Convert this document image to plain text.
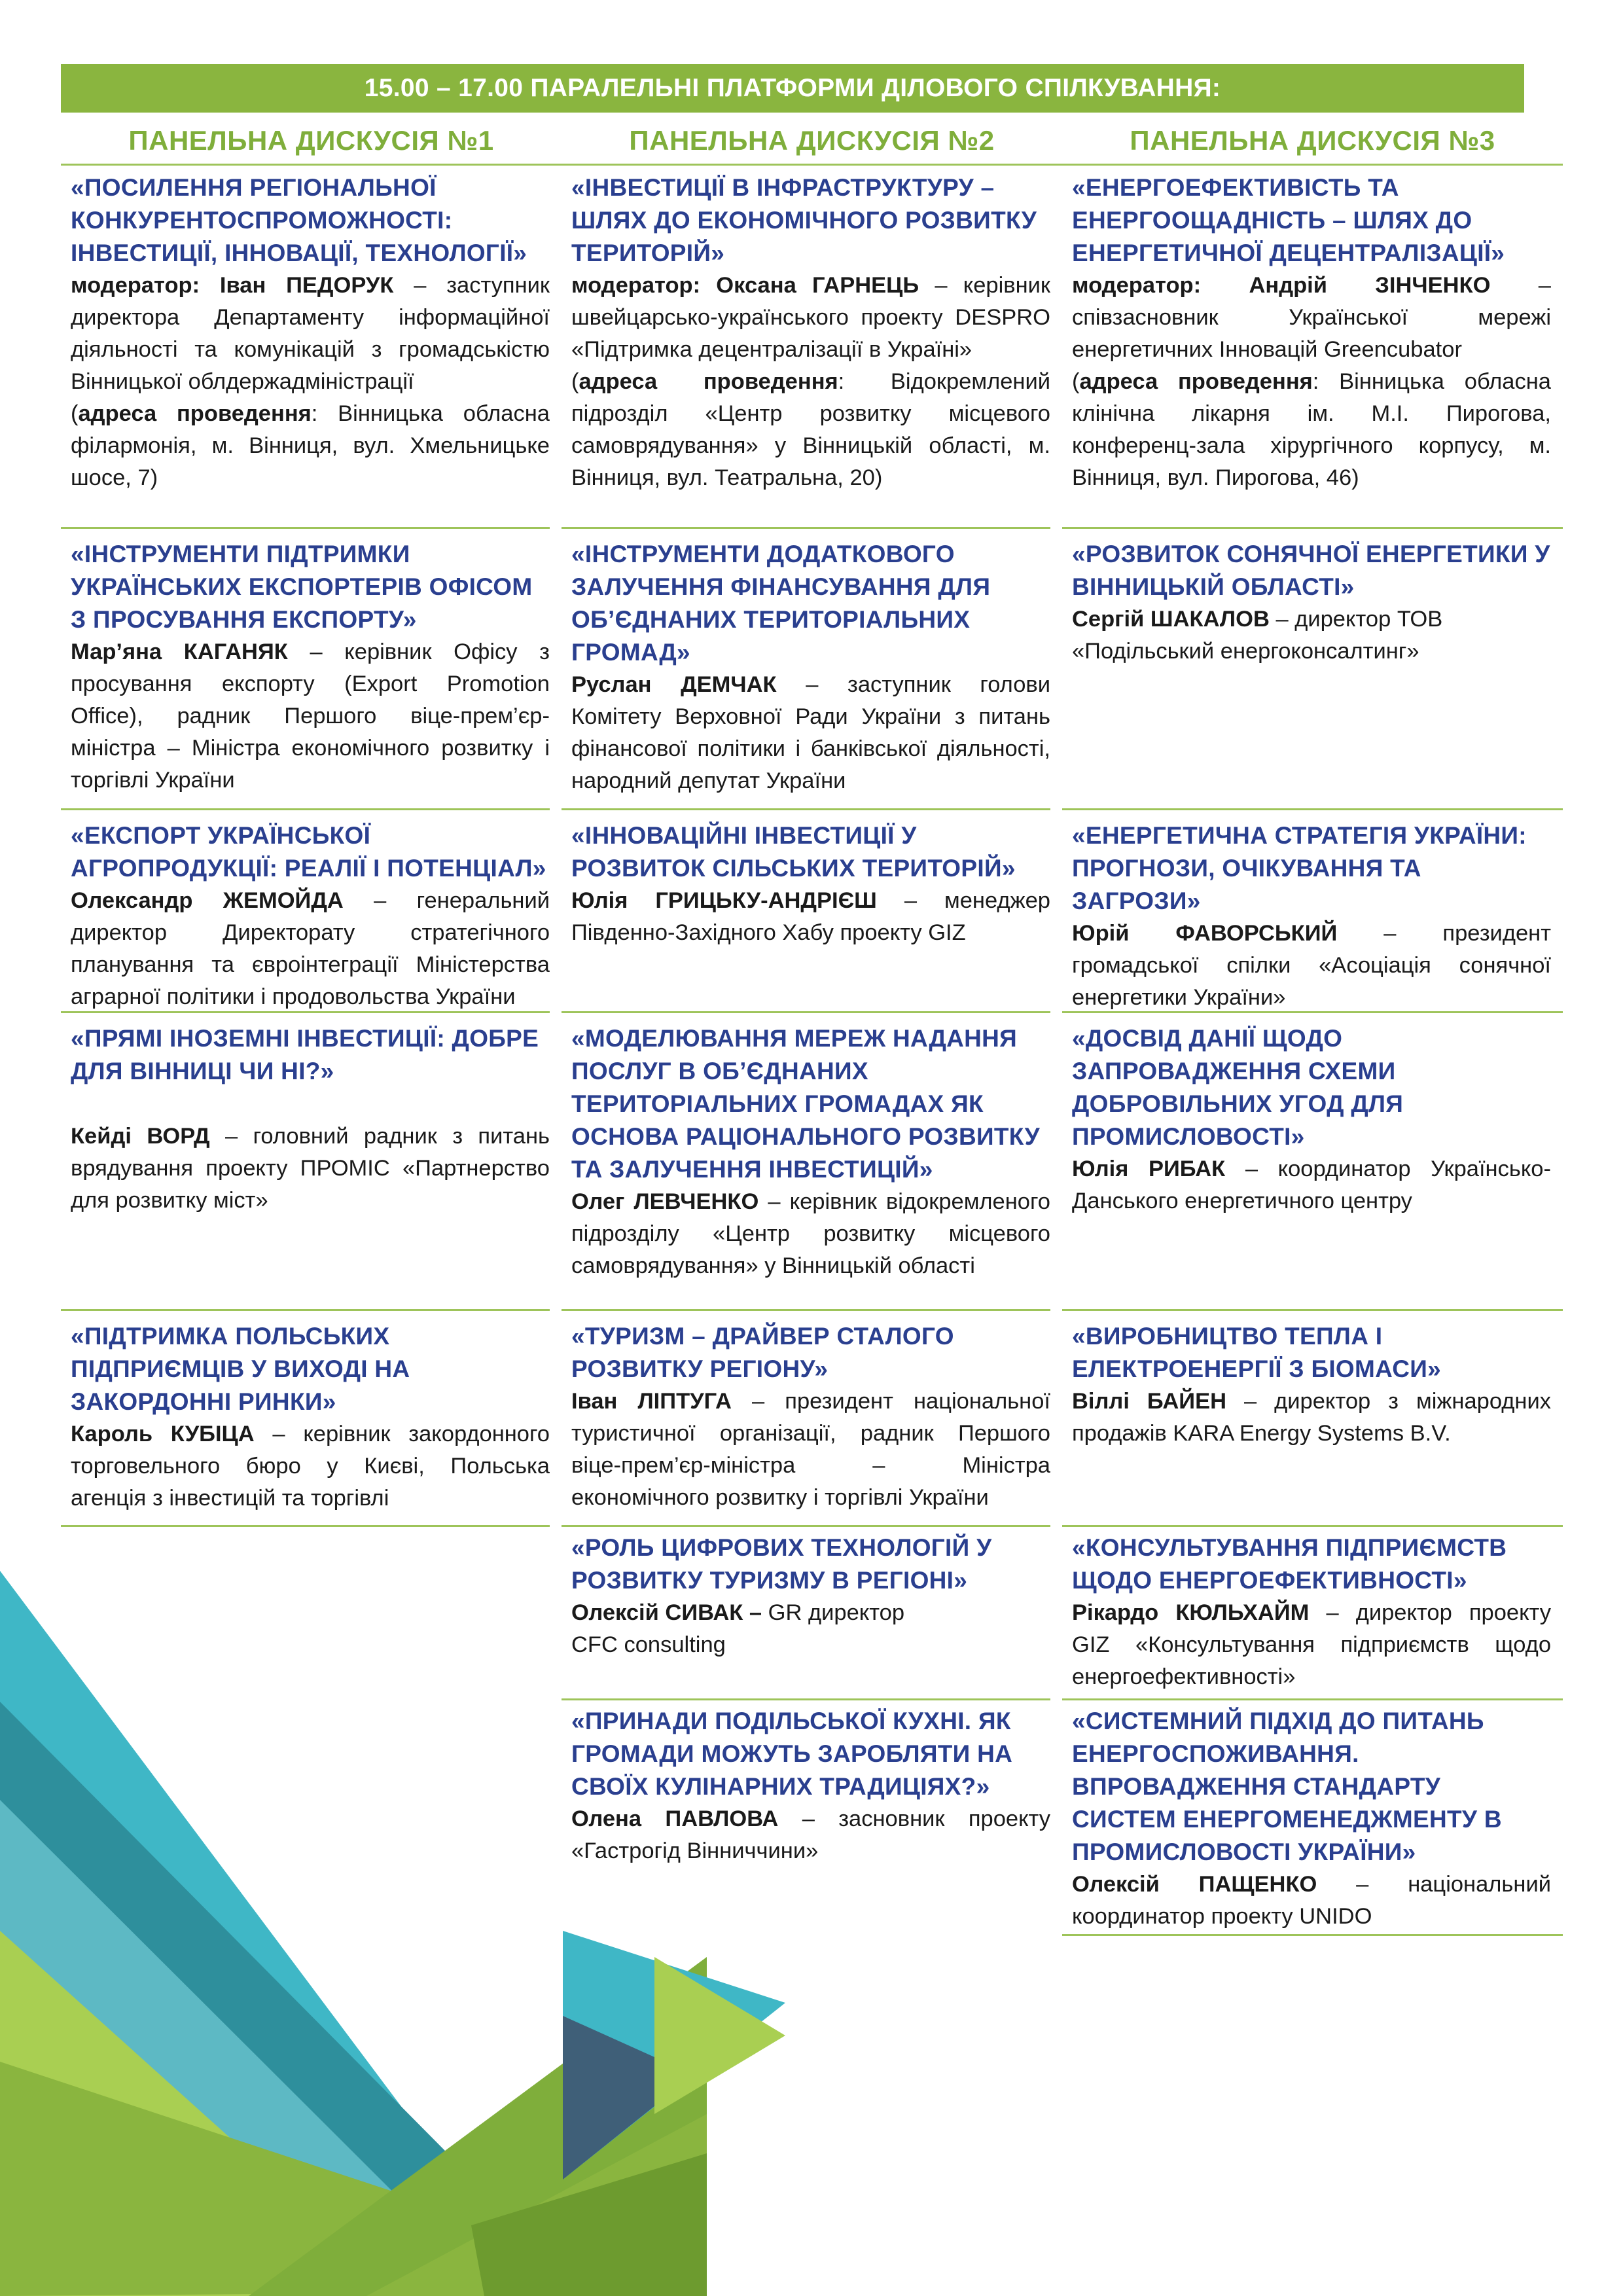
15.00 – 17.00 ПАРАЛЕЛЬНІ ПЛАТФОРМИ ДІЛОВОГО СПІЛКУВАННЯ:
ПАНЕЛЬНА ДИСКУСІЯ №1	ПАНЕЛЬНА ДИСКУСІЯ №2	ПАНЕЛЬНА ДИСКУСІЯ №3
«ПОСИЛЕННЯ РЕГІОНАЛЬНОЇ КОНКУРЕНТОСПРОМОЖНОСТІ: ІНВЕСТИЦІЇ, ІННОВАЦІЇ, ТЕХНОЛОГІЇ»
модератор: Іван ПЕДОРУК – заступник директора Департаменту інформаційної діяльності та комунікацій з громадськістю Вінницької облдержадміністрації
(адреса проведення: Вінницька обласна філармонія, м. Вінниця, вул. Хмельницьке шосе, 7)
«ІНСТРУМЕНТИ ПІДТРИМКИ УКРАЇНСЬКИХ ЕКСПОРТЕРІВ ОФІСОМ З ПРОСУВАННЯ ЕКСПОРТУ»
Мар’яна КАГАНЯК – керівник Офісу з просування експорту (Export Promotion Office), радник Першого віце-прем’єр-міністра – Міністра економічного розвитку і торгівлі України
«ЕКСПОРТ УКРАЇНСЬКОЇ АГРОПРОДУКЦІЇ: РЕАЛІЇ І ПОТЕНЦІАЛ»
Олександр ЖЕМОЙДА – генеральний директор Директорату стратегічного планування та євроінтеграції Міністерства аграрної політики і продовольства України
«ПРЯМІ ІНОЗЕМНІ ІНВЕСТИЦІЇ: ДОБРЕ ДЛЯ ВІННИЦІ ЧИ НІ?»
Кейді ВОРД – головний радник з питань врядування проекту ПРОМІС «Партнерство для розвитку міст»
«ПІДТРИМКА ПОЛЬСЬКИХ ПІДПРИЄМЦІВ У ВИХОДІ НА ЗАКОРДОННІ РИНКИ»
Кароль КУБІЦА – керівник закордонного торговельного бюро у Києві, Польська агенція з інвестицій та торгівлі
«ІНВЕСТИЦІЇ В ІНФРАСТРУКТУРУ – ШЛЯХ ДО ЕКОНОМІЧНОГО РОЗВИТКУ ТЕРИТОРІЙ»
модератор: Оксана ГАРНЕЦЬ – керівник швейцарсько-українського проекту DESPRO «Підтримка децентралізації в Україні»
(адреса проведення: Відокремлений підрозділ «Центр розвитку місцевого самоврядування» у Вінницькій області, м. Вінниця, вул. Театральна, 20)
«ІНСТРУМЕНТИ ДОДАТКОВОГО ЗАЛУЧЕННЯ ФІНАНСУВАННЯ ДЛЯ ОБ’ЄДНАНИХ ТЕРИТОРІАЛЬНИХ ГРОМАД»
Руслан ДЕМЧАК – заступник голови Комітету Верховної Ради України з питань фінансової політики і банківської діяльності, народний депутат України
«ІННОВАЦІЙНІ ІНВЕСТИЦІЇ У РОЗВИТОК СІЛЬСЬКИХ ТЕРИТОРІЙ»
Юлія ГРИЦЬКУ-АНДРІЄШ – менеджер Південно-Західного Хабу проекту GIZ
«МОДЕЛЮВАННЯ МЕРЕЖ НАДАННЯ ПОСЛУГ В ОБ’ЄДНАНИХ ТЕРИТОРІАЛЬНИХ ГРОМАДАХ ЯК ОСНОВА РАЦІОНАЛЬНОГО РОЗВИТКУ ТА ЗАЛУЧЕННЯ ІНВЕСТИЦІЙ»
Олег ЛЕВЧЕНКО – керівник відокремленого підрозділу «Центр розвитку місцевого самоврядування» у Вінницькій області
«ТУРИЗМ – ДРАЙВЕР СТАЛОГО РОЗВИТКУ РЕГІОНУ»
Іван ЛІПТУГА – президент національної туристичної організації, радник Першого віце-прем’єр-міністра – Міністра економічного розвитку і торгівлі України
«РОЛЬ ЦИФРОВИХ ТЕХНОЛОГІЙ У РОЗВИТКУ ТУРИЗМУ В РЕГІОНІ»
Олексій СИВАК – GR директор CFC consulting
«ПРИНАДИ ПОДІЛЬСЬКОЇ КУХНІ. ЯК ГРОМАДИ МОЖУТЬ ЗАРОБЛЯТИ НА СВОЇХ КУЛІНАРНИХ ТРАДИЦІЯХ?»
Олена ПАВЛОВА – засновник проекту «Гастрогід Вінниччини»
«ЕНЕРГОЕФЕКТИВІСТЬ ТА ЕНЕРГООЩАДНІСТЬ – ШЛЯХ ДО ЕНЕРГЕТИЧНОЇ ДЕЦЕНТРАЛІЗАЦІЇ»
модератор: Андрій ЗІНЧЕНКО – співзасновник Української мережі енергетичних Інновацій Greencubator
(адреса проведення: Вінницька обласна клінічна лікарня ім. М.І. Пирогова, конференц-зала хірургічного корпусу, м. Вінниця, вул. Пирогова, 46)
«РОЗВИТОК СОНЯЧНОЇ ЕНЕРГЕТИКИ У ВІННИЦЬКІЙ ОБЛАСТІ»
Сергій ШАКАЛОВ – директор ТОВ «Подільський енергоконсалтинг»
«ЕНЕРГЕТИЧНА СТРАТЕГІЯ УКРАЇНИ: ПРОГНОЗИ, ОЧІКУВАННЯ ТА ЗАГРОЗИ»
Юрій ФАВОРСЬКИЙ – президент громадської спілки «Асоціація сонячної енергетики України»
«ДОСВІД ДАНІЇ ЩОДО ЗАПРОВАДЖЕННЯ СХЕМИ ДОБРОВІЛЬНИХ УГОД ДЛЯ ПРОМИСЛОВОСТІ»
Юлія РИБАК – координатор Українсько-Данського енергетичного центру
«ВИРОБНИЦТВО ТЕПЛА І ЕЛЕКТРОЕНЕРГІЇ З БІОМАСИ»
Віллі БАЙЕН – директор з міжнародних продажів KARA Energy Systems B.V.
«КОНСУЛЬТУВАННЯ ПІДПРИЄМСТВ ЩОДО ЕНЕРГОЕФЕКТИВНОСТІ»
Рікардо КЮЛЬХАЙМ – директор проекту GIZ «Консультування підприємств щодо енергоефективності»
«СИСТЕМНИЙ ПІДХІД ДО ПИТАНЬ ЕНЕРГОСПОЖИВАННЯ. ВПРОВАДЖЕННЯ СТАНДАРТУ СИСТЕМ ЕНЕРГОМЕНЕДЖМЕНТУ В ПРОМИСЛОВОСТІ УКРАЇНИ»
Олексій ПАЩЕНКО – національний координатор проекту UNIDO
